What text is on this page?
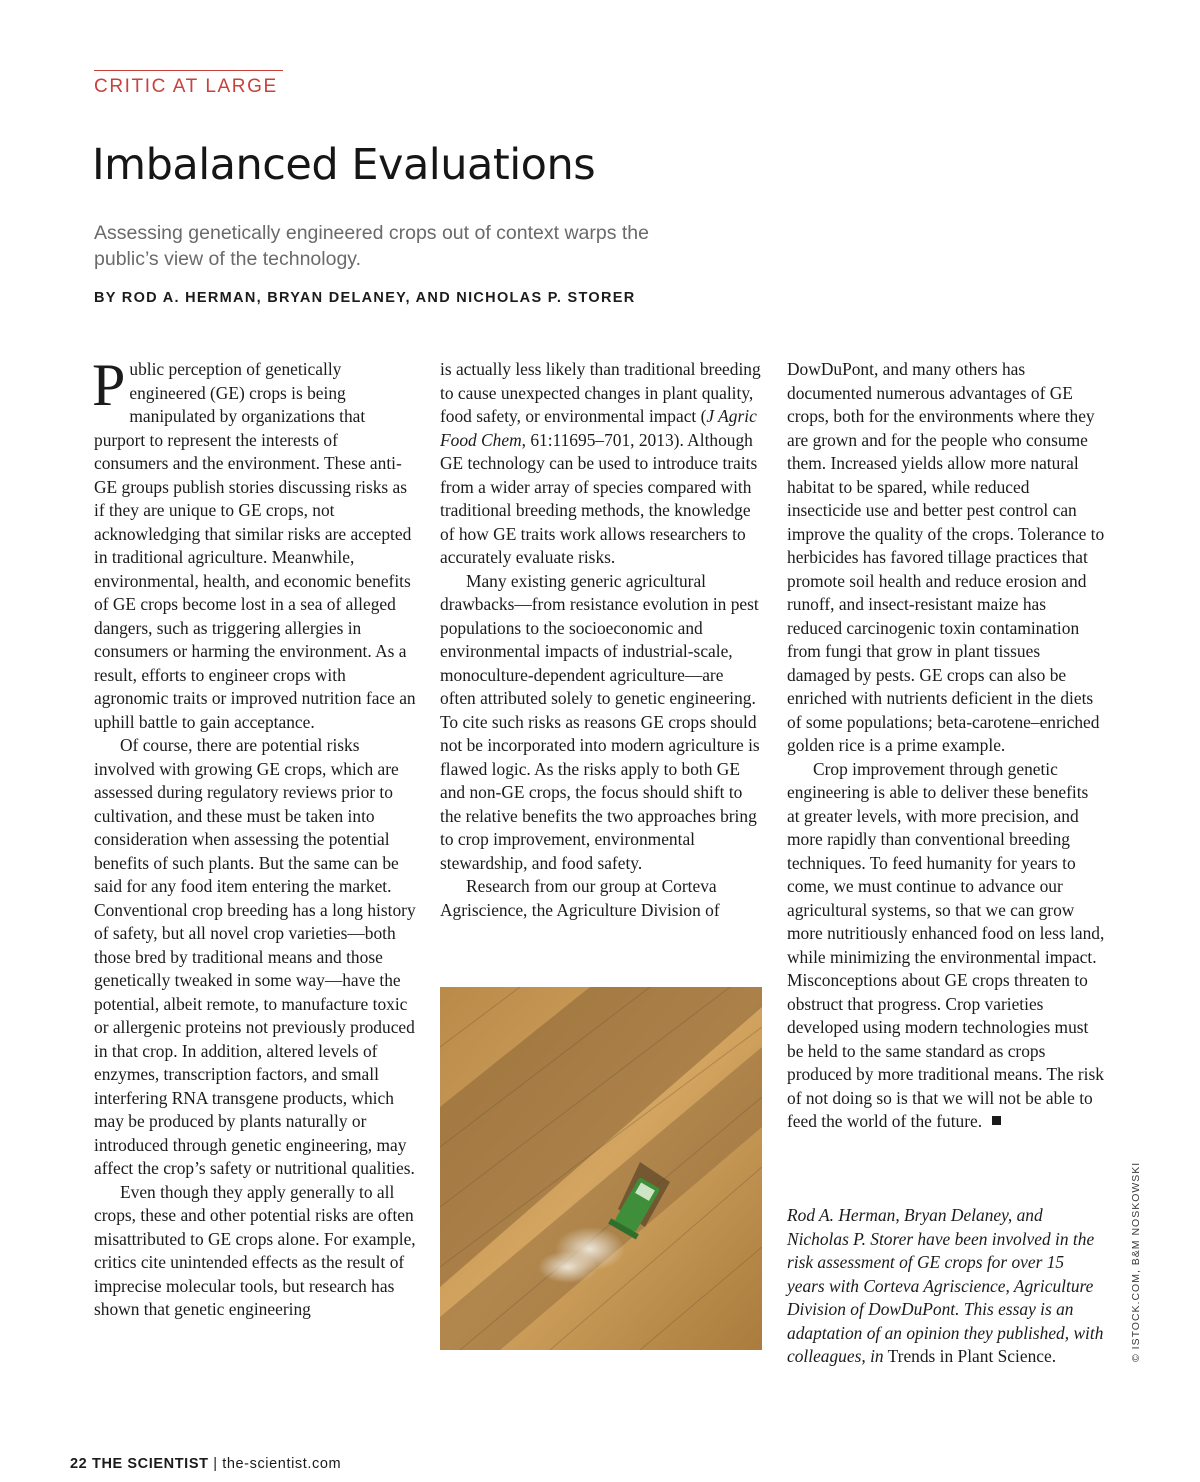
CRITIC AT LARGE
Imbalanced Evaluations
Assessing genetically engineered crops out of context warps the public’s view of the technology.
BY ROD A. HERMAN, BRYAN DELANEY, AND NICHOLAS P. STORER

Public perception of genetically engineered (GE) crops is being manipulated by organizations that purport to represent the interests of consumers and the environment. These anti-GE groups publish stories discussing risks as if they are unique to GE crops, not acknowledging that similar risks are accepted in traditional agriculture. Meanwhile, environmental, health, and economic benefits of GE crops become lost in a sea of alleged dangers, such as triggering allergies in consumers or harming the environment. As a result, efforts to engineer crops with agronomic traits or improved nutrition face an uphill battle to gain acceptance.

Of course, there are potential risks involved with growing GE crops, which are assessed during regulatory reviews prior to cultivation, and these must be taken into consideration when assessing the potential benefits of such plants. But the same can be said for any food item entering the market. Conventional crop breeding has a long history of safety, but all novel crop varieties—both those bred by traditional means and those genetically tweaked in some way—have the potential, albeit remote, to manufacture toxic or allergenic proteins not previously produced in that crop. In addition, altered levels of enzymes, transcription factors, and small interfering RNA transgene products, which may be produced by plants naturally or introduced through genetic engineering, may affect the crop’s safety or nutritional qualities.

Even though they apply generally to all crops, these and other potential risks are often misattributed to GE crops alone. For example, critics cite unintended effects as the result of imprecise molecular tools, but research has shown that genetic engineering

is actually less likely than traditional breeding to cause unexpected changes in plant quality, food safety, or environmental impact (J Agric Food Chem, 61:11695–701, 2013). Although GE technology can be used to introduce traits from a wider array of species compared with traditional breeding methods, the knowledge of how GE traits work allows researchers to accurately evaluate risks.

Many existing generic agricultural drawbacks—from resistance evolution in pest populations to the socioeconomic and environmental impacts of industrial-scale, monoculture-dependent agriculture—are often attributed solely to genetic engineering. To cite such risks as reasons GE crops should not be incorporated into modern agriculture is flawed logic. As the risks apply to both GE and non-GE crops, the focus should shift to the relative benefits the two approaches bring to crop improvement, environmental stewardship, and food safety.

Research from our group at Corteva Agriscience, the Agriculture Division of

DowDuPont, and many others has documented numerous advantages of GE crops, both for the environments where they are grown and for the people who consume them. Increased yields allow more natural habitat to be spared, while reduced insecticide use and better pest control can improve the quality of the crops. Tolerance to herbicides has favored tillage practices that promote soil health and reduce erosion and runoff, and insect-resistant maize has reduced carcinogenic toxin contamination from fungi that grow in plant tissues damaged by pests. GE crops can also be enriched with nutrients deficient in the diets of some populations; beta-carotene–enriched golden rice is a prime example.

Crop improvement through genetic engineering is able to deliver these benefits at greater levels, with more precision, and more rapidly than conventional breeding techniques. To feed humanity for years to come, we must continue to advance our agricultural systems, so that we can grow more nutritiously enhanced food on less land, while minimizing the environmental impact. Misconceptions about GE crops threaten to obstruct that progress. Crop varieties developed using modern technologies must be held to the same standard as crops produced by more traditional means. The risk of not doing so is that we will not be able to feed the world of the future.

Rod A. Herman, Bryan Delaney, and Nicholas P. Storer have been involved in the risk assessment of GE crops for over 15 years with Corteva Agriscience, Agriculture Division of DowDuPont. This essay is an adaptation of an opinion they published, with colleagues, in Trends in Plant Science.	© ISTOCK.COM, B&M NOSKOWSKI
22 THE SCIENTIST | the-scientist.com
